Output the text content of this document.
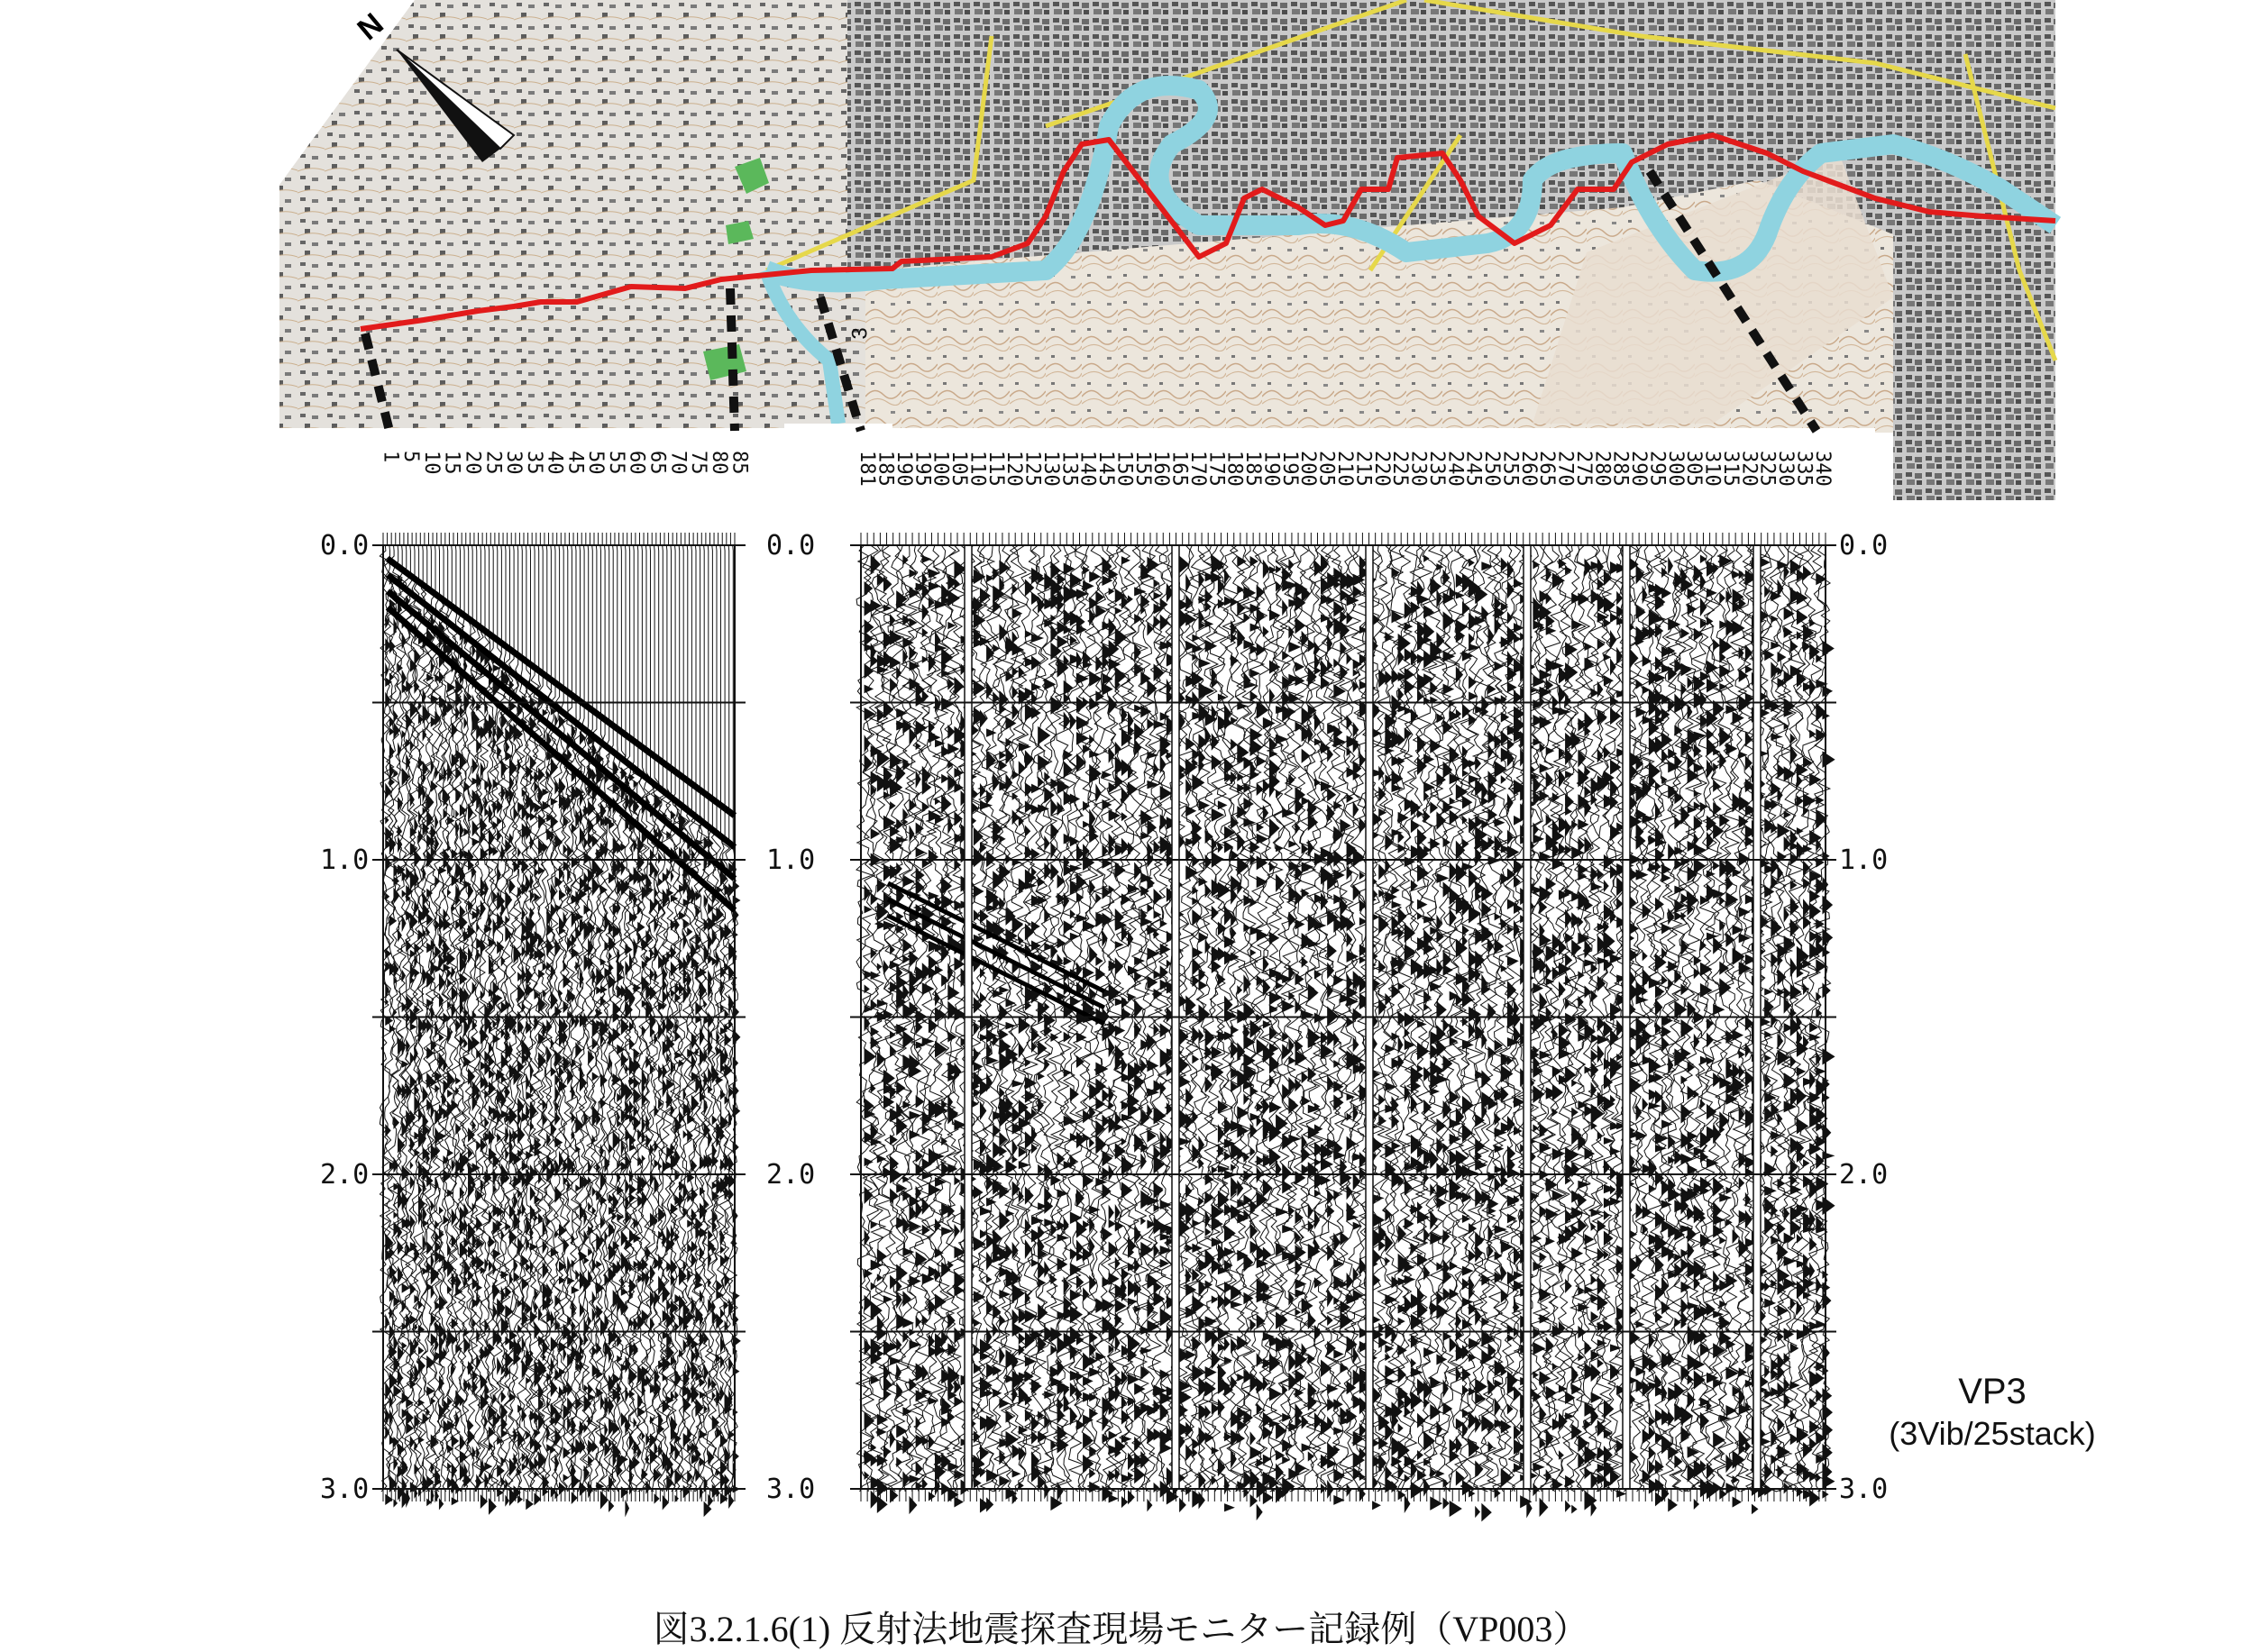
N
3
0.0	0.0	0.0
1.0	1.0	1.0
2.0	2.0	2.0
3.0	3.0	3.0
1
5
10
15
20
25
30
35
40
45
50
55
60
65
70
75
80
85	181
185
190
195
100
105
110
115
120
125
130
135
140
145
150
155
160
165
170
175
180
185
190
195
200
205
210
215
220
225
230
235
240
245
250
255
260
265
270
275
280
285
290
295
300
305
310
315
320
325
330
335
340
VP3
(3Vib/25stack)
図3.2.1.6(1) 反射法地震探査現場モニター記録例（VP003）
